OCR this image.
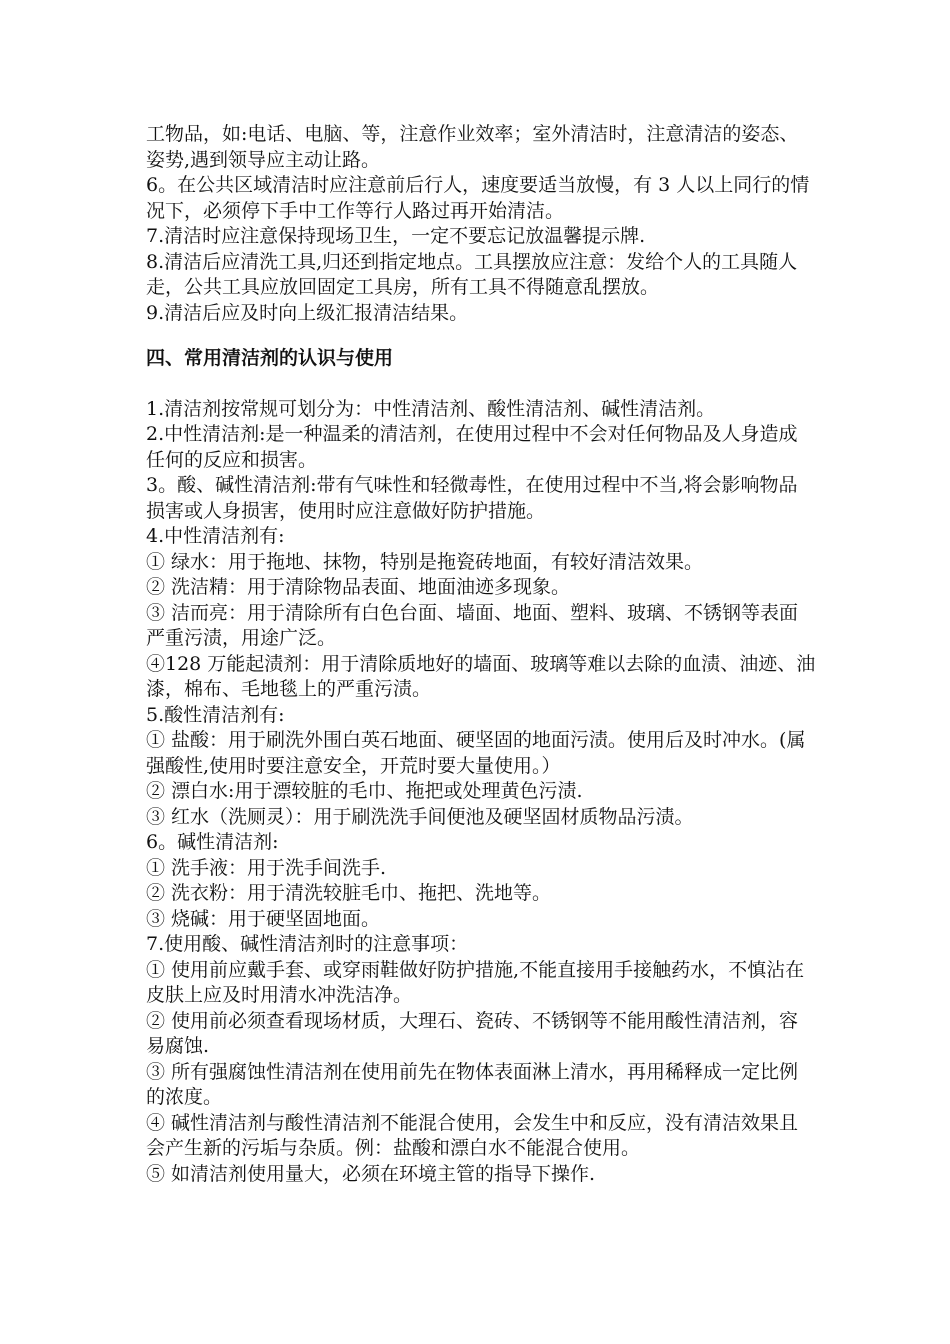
工物品，如:电话、电脑、等，注意作业效率；室外清洁时，注意清洁的姿态、姿势,遇到领导应主动让路。

6。在公共区域清洁时应注意前后行人，速度要适当放慢，有 3 人以上同行的情况下，必须停下手中工作等行人路过再开始清洁。

7.清洁时应注意保持现场卫生，一定不要忘记放温馨提示牌.

8.清洁后应清洗工具,归还到指定地点。工具摆放应注意：发给个人的工具随人走，公共工具应放回固定工具房，所有工具不得随意乱摆放。

9.清洁后应及时向上级汇报清洁结果。

四、常用清洁剂的认识与使用

1.清洁剂按常规可划分为：中性清洁剂、酸性清洁剂、碱性清洁剂。

2.中性清洁剂:是一种温柔的清洁剂，在使用过程中不会对任何物品及人身造成任何的反应和损害。

3。酸、碱性清洁剂:带有气味性和轻微毒性，在使用过程中不当,将会影响物品损害或人身损害，使用时应注意做好防护措施。

4.中性清洁剂有:

① 绿水：用于拖地、抹物，特别是拖瓷砖地面，有较好清洁效果。

② 洗洁精：用于清除物品表面、地面油迹多现象。

③ 洁而亮：用于清除所有白色台面、墙面、地面、塑料、玻璃、不锈钢等表面严重污渍，用途广泛。

④128 万能起渍剂：用于清除质地好的墙面、玻璃等难以去除的血渍、油迹、油漆，棉布、毛地毯上的严重污渍。

5.酸性清洁剂有:

① 盐酸：用于刷洗外围白英石地面、硬坚固的地面污渍。使用后及时冲水。(属强酸性,使用时要注意安全，开荒时要大量使用。）

② 漂白水:用于漂较脏的毛巾、拖把或处理黄色污渍.

③ 红水（洗厕灵）：用于刷洗洗手间便池及硬坚固材质物品污渍。

6。碱性清洁剂:

① 洗手液：用于洗手间洗手.

② 洗衣粉：用于清洗较脏毛巾、拖把、洗地等。

③ 烧碱：用于硬坚固地面。

7.使用酸、碱性清洁剂时的注意事项：

① 使用前应戴手套、或穿雨鞋做好防护措施,不能直接用手接触药水，不慎沾在皮肤上应及时用清水冲洗洁净。

② 使用前必须查看现场材质，大理石、瓷砖、不锈钢等不能用酸性清洁剂，容易腐蚀.

③ 所有强腐蚀性清洁剂在使用前先在物体表面淋上清水，再用稀释成一定比例的浓度。

④ 碱性清洁剂与酸性清洁剂不能混合使用，会发生中和反应，没有清洁效果且会产生新的污垢与杂质。例：盐酸和漂白水不能混合使用。

⑤ 如清洁剂使用量大，必须在环境主管的指导下操作.
